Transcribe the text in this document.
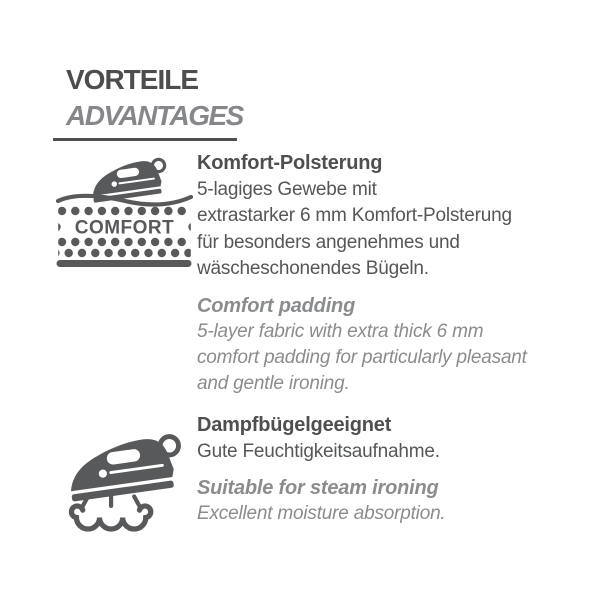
VORTEILE
ADVANTAGES
COMFORT
Komfort-Polsterung
5-lagiges Gewebe mit
extrastarker 6 mm Komfort-Polsterung
für besonders angenehmes und
wäscheschonendes Bügeln.
Comfort padding
5-layer fabric with extra thick 6 mm
comfort padding for particularly pleasant
and gentle ironing.
Dampfbügelgeeignet
Gute Feuchtigkeitsaufnahme.
Suitable for steam ironing
Excellent moisture absorption.
